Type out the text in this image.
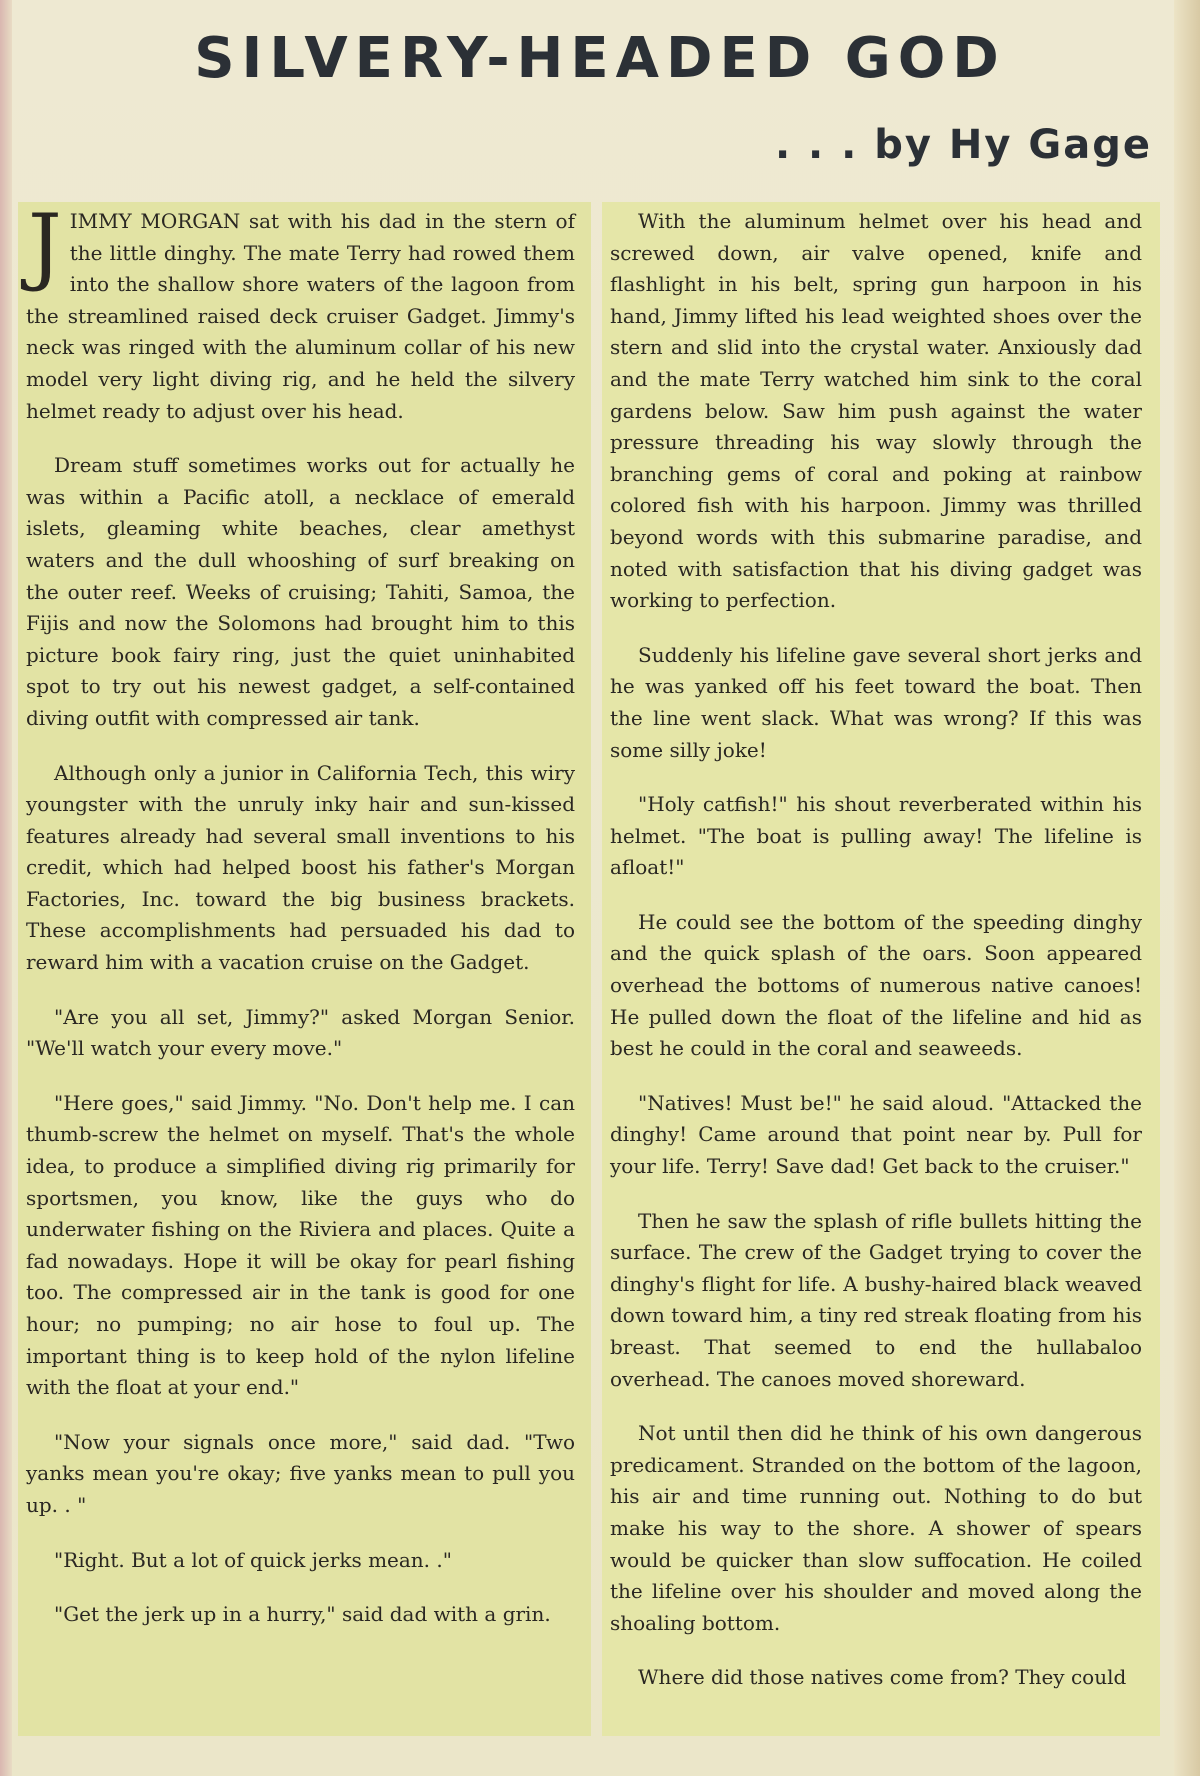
SILVERY-HEADED GOD
. . . by Hy Gage

JIMMY MORGAN sat with his dad in the stern of the little dinghy. The mate Terry had rowed them into the shallow shore waters of the lagoon from the streamlined raised deck cruiser Gadget. Jimmy's neck was ringed with the aluminum collar of his new model very light diving rig, and he held the silvery helmet ready to adjust over his head.

Dream stuff sometimes works out for actually he was within a Pacific atoll, a necklace of emerald islets, gleaming white beaches, clear amethyst waters and the dull whooshing of surf breaking on the outer reef. Weeks of cruising; Tahiti, Samoa, the Fijis and now the Solomons had brought him to this picture book fairy ring, just the quiet uninhabited spot to try out his newest gadget, a self-contained diving outfit with compressed air tank.

Although only a junior in California Tech, this wiry youngster with the unruly inky hair and sun-kissed features already had several small inventions to his credit, which had helped boost his father's Morgan Factories, Inc. toward the big business brackets. These accomplishments had persuaded his dad to reward him with a vacation cruise on the Gadget.

"Are you all set, Jimmy?" asked Morgan Senior. "We'll watch your every move."

"Here goes," said Jimmy. "No. Don't help me. I can thumb-screw the helmet on myself. That's the whole idea, to produce a simplified diving rig primarily for sportsmen, you know, like the guys who do underwater fishing on the Riviera and places. Quite a fad nowadays. Hope it will be okay for pearl fishing too. The compressed air in the tank is good for one hour; no pumping; no air hose to foul up. The important thing is to keep hold of the nylon lifeline with the float at your end."

"Now your signals once more," said dad. "Two yanks mean you're okay; five yanks mean to pull you up. . "

"Right. But a lot of quick jerks mean. ."

"Get the jerk up in a hurry," said dad with a grin.

With the aluminum helmet over his head and screwed down, air valve opened, knife and flashlight in his belt, spring gun harpoon in his hand, Jimmy lifted his lead weighted shoes over the stern and slid into the crystal water. Anxiously dad and the mate Terry watched him sink to the coral gardens below. Saw him push against the water pressure threading his way slowly through the branching gems of coral and poking at rainbow colored fish with his harpoon. Jimmy was thrilled beyond words with this submarine paradise, and noted with satisfaction that his diving gadget was working to perfection.

Suddenly his lifeline gave several short jerks and he was yanked off his feet toward the boat. Then the line went slack. What was wrong? If this was some silly joke!

"Holy catfish!" his shout reverberated within his helmet. "The boat is pulling away! The lifeline is afloat!"

He could see the bottom of the speeding dinghy and the quick splash of the oars. Soon appeared overhead the bottoms of numerous native canoes! He pulled down the float of the lifeline and hid as best he could in the coral and seaweeds.

"Natives! Must be!" he said aloud. "Attacked the dinghy! Came around that point near by. Pull for your life. Terry! Save dad! Get back to the cruiser."

Then he saw the splash of rifle bullets hitting the surface. The crew of the Gadget trying to cover the dinghy's flight for life. A bushy-haired black weaved down toward him, a tiny red streak floating from his breast. That seemed to end the hullabaloo overhead. The canoes moved shoreward.

Not until then did he think of his own dangerous predicament. Stranded on the bottom of the lagoon, his air and time running out. Nothing to do but make his way to the shore. A shower of spears would be quicker than slow suffocation. He coiled the lifeline over his shoulder and moved along the shoaling bottom.

Where did those natives come from? They could
